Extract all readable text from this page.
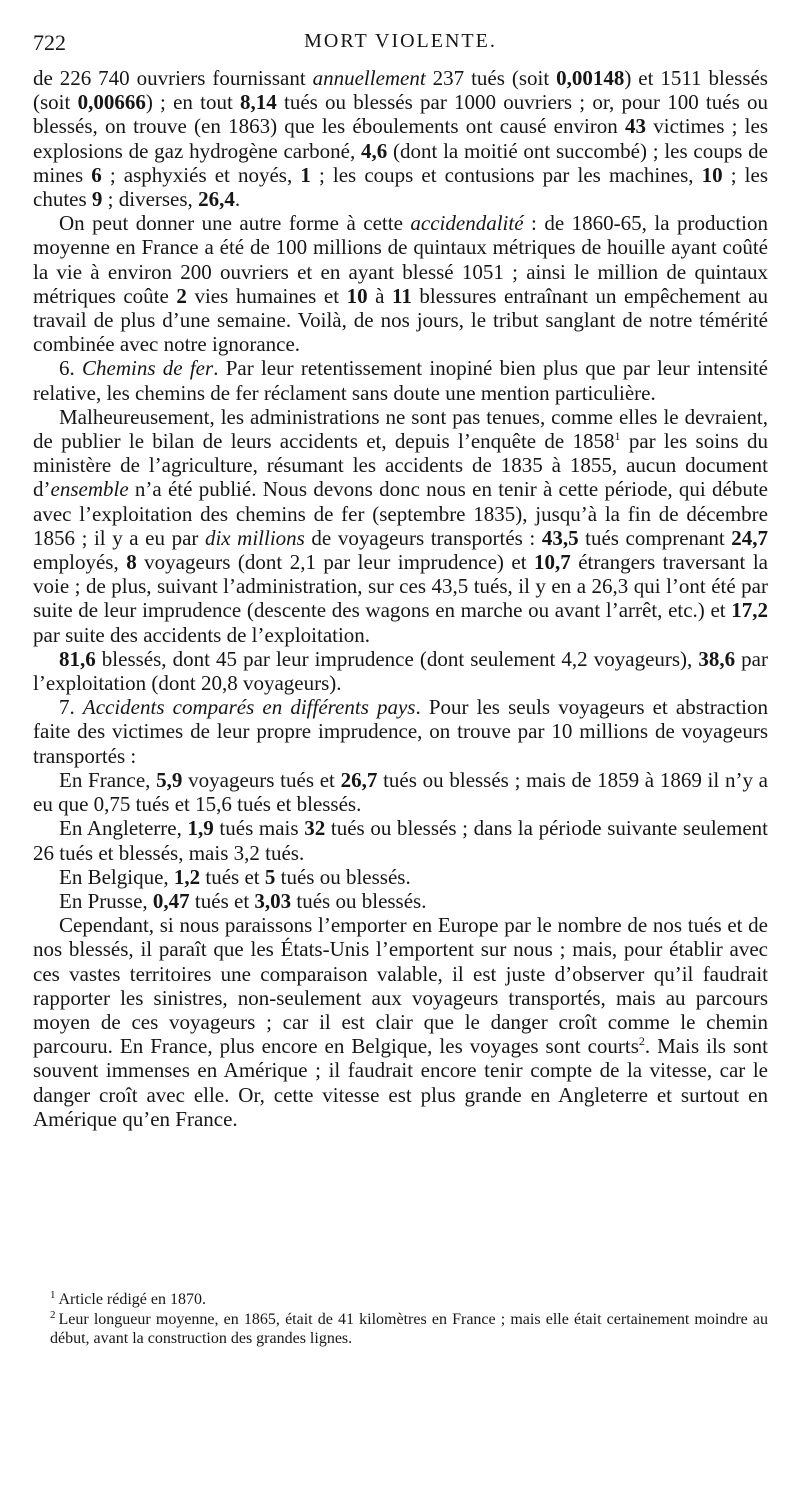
722	MORT VIOLENTE.

de 226 740 ouvriers fournissant annuellement 237 tués (soit 0,00148) et 1511 blessés (soit 0,00666) ; en tout 8,14 tués ou blessés par 1000 ouvriers ; or, pour 100 tués ou blessés, on trouve (en 1863) que les éboulements ont causé environ 43 victimes ; les explosions de gaz hydrogène carboné, 4,6 (dont la moitié ont succombé) ; les coups de mines 6 ; asphyxiés et noyés, 1 ; les coups et contusions par les machines, 10 ; les chutes 9 ; diverses, 26,4.

On peut donner une autre forme à cette accidendalité : de 1860-65, la production moyenne en France a été de 100 millions de quintaux métriques de houille ayant coûté la vie à environ 200 ouvriers et en ayant blessé 1051 ; ainsi le million de quintaux métriques coûte 2 vies humaines et 10 à 11 blessures entraînant un empêchement au travail de plus d’une semaine. Voilà, de nos jours, le tribut sanglant de notre témérité combinée avec notre ignorance.

6. Chemins de fer. Par leur retentissement inopiné bien plus que par leur intensité relative, les chemins de fer réclament sans doute une mention particulière.

Malheureusement, les administrations ne sont pas tenues, comme elles le devraient, de publier le bilan de leurs accidents et, depuis l’enquête de 1858$^1$ par les soins du ministère de l’agriculture, résumant les accidents de 1835 à 1855, aucun document d’ensemble n’a été publié. Nous devons donc nous en tenir à cette période, qui débute avec l’exploitation des chemins de fer (septembre 1835), jusqu’à la fin de décembre 1856 ; il y a eu par dix millions de voyageurs transportés : 43,5 tués comprenant 24,7 employés, 8 voyageurs (dont 2,1 par leur imprudence) et 10,7 étrangers traversant la voie ; de plus, suivant l’administration, sur ces 43,5 tués, il y en a 26,3 qui l’ont été par suite de leur imprudence (descente des wagons en marche ou avant l’arrêt, etc.) et 17,2 par suite des accidents de l’exploitation.

81,6 blessés, dont 45 par leur imprudence (dont seulement 4,2 voyageurs), 38,6 par l’exploitation (dont 20,8 voyageurs).

7. Accidents comparés en différents pays. Pour les seuls voyageurs et abstraction faite des victimes de leur propre imprudence, on trouve par 10 millions de voyageurs transportés :

En France, 5,9 voyageurs tués et 26,7 tués ou blessés ; mais de 1859 à 1869 il n’y a eu que 0,75 tués et 15,6 tués et blessés.

En Angleterre, 1,9 tués mais 32 tués ou blessés ; dans la période suivante seulement 26 tués et blessés, mais 3,2 tués.

En Belgique, 1,2 tués et 5 tués ou blessés.

En Prusse, 0,47 tués et 3,03 tués ou blessés.

Cependant, si nous paraissons l’emporter en Europe par le nombre de nos tués et de nos blessés, il paraît que les États-Unis l’emportent sur nous ; mais, pour établir avec ces vastes territoires une comparaison valable, il est juste d’observer qu’il faudrait rapporter les sinistres, non-seulement aux voyageurs transportés, mais au parcours moyen de ces voyageurs ; car il est clair que le danger croît comme le chemin parcouru. En France, plus encore en Belgique, les voyages sont courts$^2$. Mais ils sont souvent immenses en Amérique ; il faudrait encore tenir compte de la vitesse, car le danger croît avec elle. Or, cette vitesse est plus grande en Angleterre et surtout en Amérique qu’en France.

$^1$ Article rédigé en 1870.

$^2$ Leur longueur moyenne, en 1865, était de 41 kilomètres en France ; mais elle était certainement moindre au début, avant la construction des grandes lignes.
